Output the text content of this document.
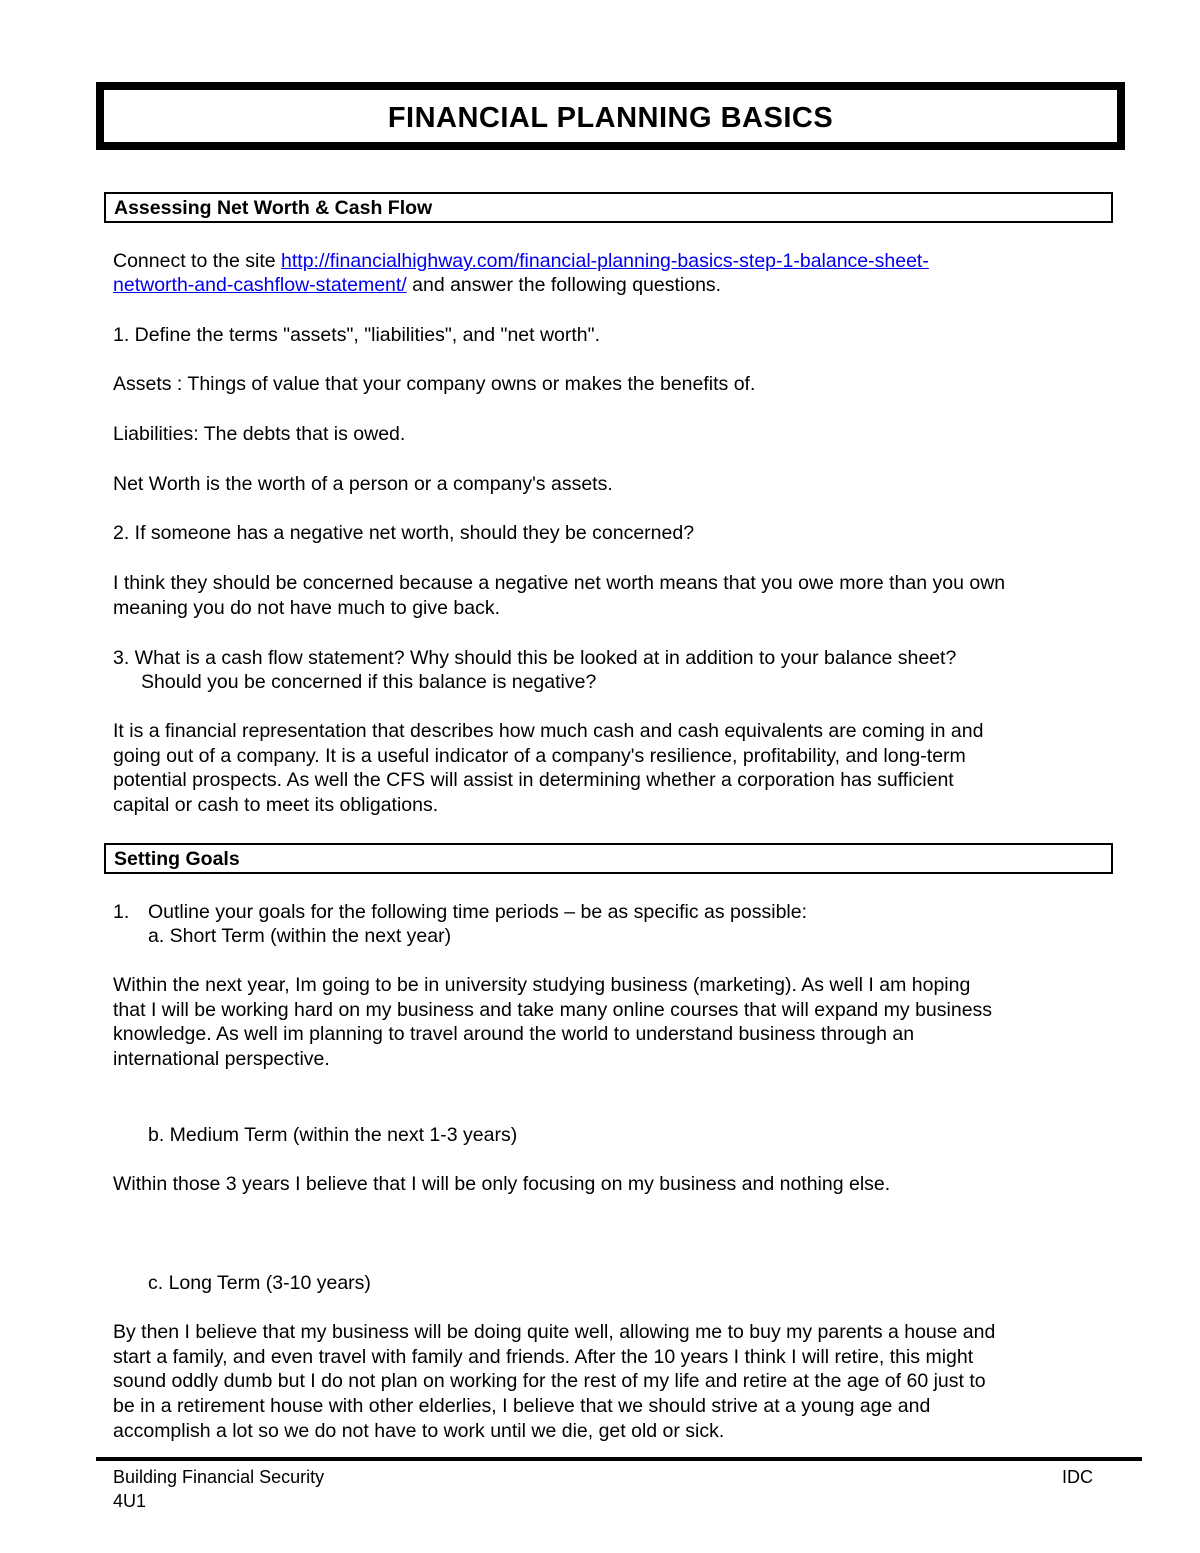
FINANCIAL PLANNING BASICS
Assessing Net Worth & Cash Flow
Connect to the site http://financialhighway.com/financial-planning-basics-step-1-balance-sheet-
networth-and-cashflow-statement/ and answer the following questions.
1. Define the terms "assets", "liabilities", and "net worth".
Assets : Things of value that your company owns or makes the benefits of.
Liabilities: The debts that is owed.
Net Worth is the worth of a person or a company's assets.
2. If someone has a negative net worth, should they be concerned?
I think they should be concerned because a negative net worth means that you owe more than you own
meaning you do not have much to give back.
3. What is a cash flow statement? Why should this be looked at in addition to your balance sheet?
Should you be concerned if this balance is negative?
It is a financial representation that describes how much cash and cash equivalents are coming in and
going out of a company. It is a useful indicator of a company's resilience, profitability, and long-term
potential prospects. As well the CFS will assist in determining whether a corporation has sufficient
capital or cash to meet its obligations.
Setting Goals
1. Outline your goals for the following time periods – be as specific as possible:
a. Short Term (within the next year)
Within the next year, Im going to be in university studying business (marketing). As well I am hoping
that I will be working hard on my business and take many online courses that will expand my business
knowledge. As well im planning to travel around the world to understand business through an
international perspective.
b. Medium Term (within the next 1-3 years)
Within those 3 years I believe that I will be only focusing on my business and nothing else.
c. Long Term (3-10 years)
By then I believe that my business will be doing quite well, allowing me to buy my parents a house and
start a family, and even travel with family and friends. After the 10 years I think I will retire, this might
sound oddly dumb but I do not plan on working for the rest of my life and retire at the age of 60 just to
be in a retirement house with other elderlies, I believe that we should strive at a young age and
accomplish a lot so we do not have to work until we die, get old or sick.
Building Financial Security
4U1
IDC
